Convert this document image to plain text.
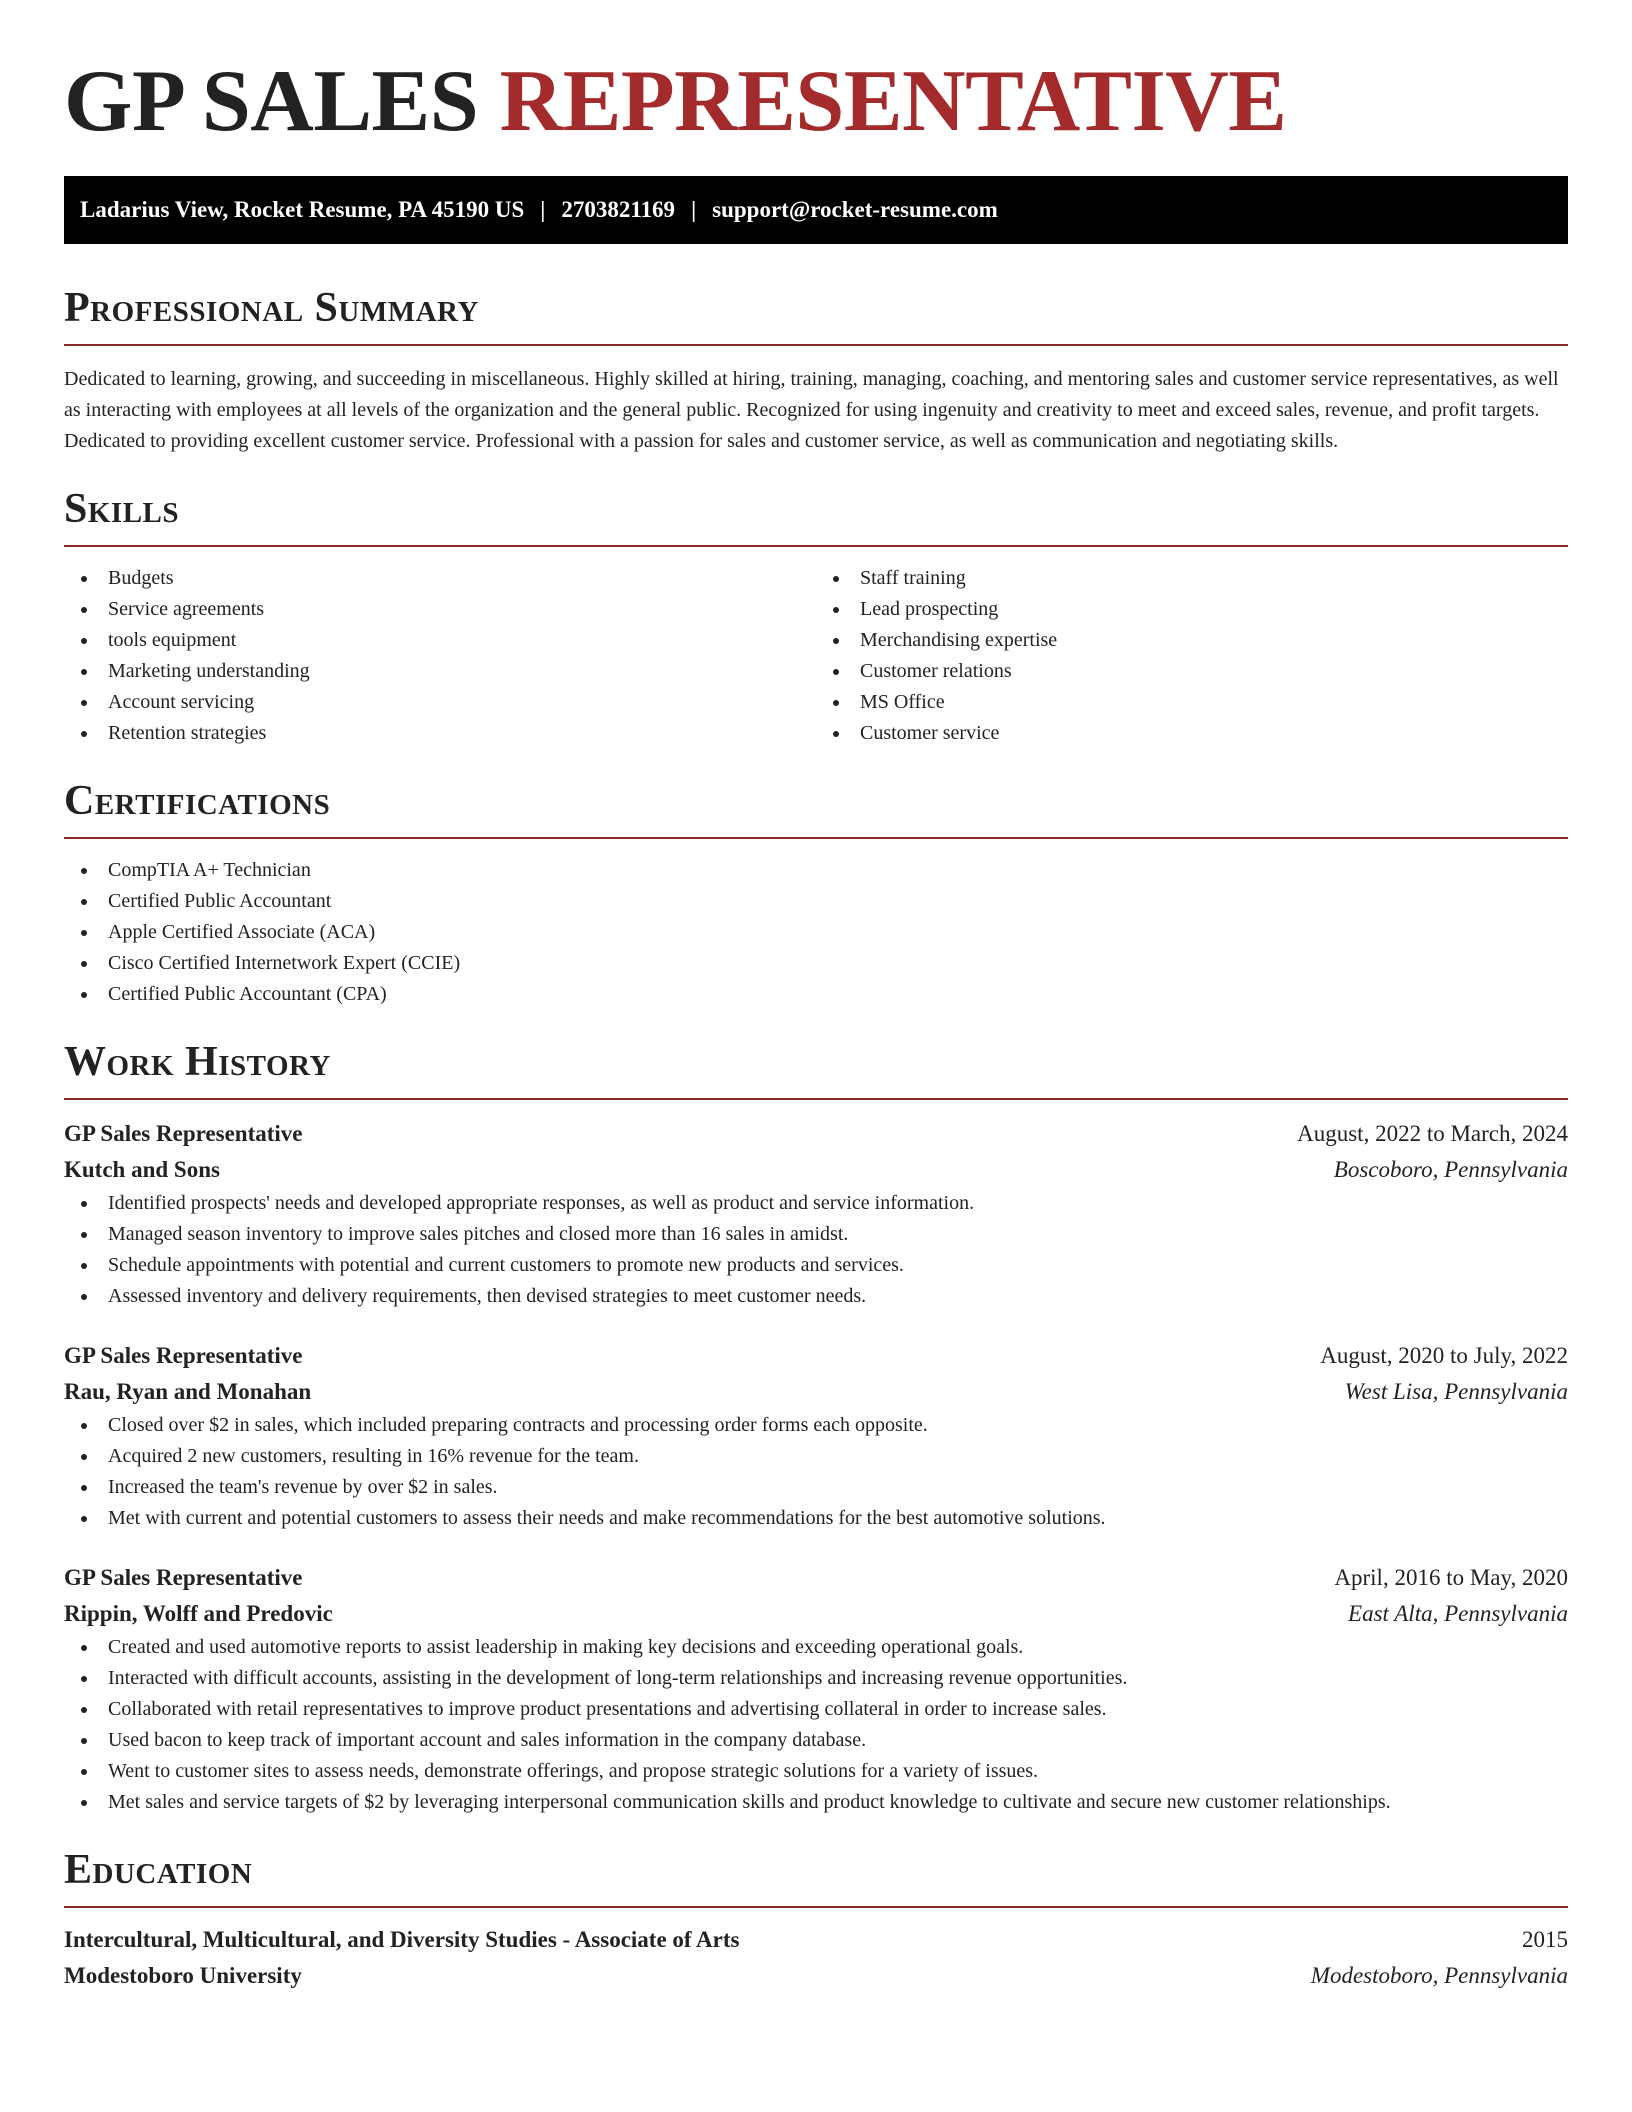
GP SALES REPRESENTATIVE
Ladarius View, Rocket Resume, PA 45190 US | 2703821169 | support@rocket-resume.com
Professional Summary

Dedicated to learning, growing, and succeeding in miscellaneous. Highly skilled at hiring, training, managing, coaching, and mentoring sales and customer service representatives, as well as interacting with employees at all levels of the organization and the general public. Recognized for using ingenuity and creativity to meet and exceed sales, revenue, and profit targets. Dedicated to providing excellent customer service. Professional with a passion for sales and customer service, as well as communication and negotiating skills.

Skills
Budgets
Service agreements
tools equipment
Marketing understanding
Account servicing
Retention strategies
Staff training
Lead prospecting
Merchandising expertise
Customer relations
MS Office
Customer service
Certifications
CompTIA A+ Technician
Certified Public Accountant
Apple Certified Associate (ACA)
Cisco Certified Internetwork Expert (CCIE)
Certified Public Accountant (CPA)
Work History
GP Sales Representative	August, 2022 to March, 2024
Kutch and Sons	Boscoboro, Pennsylvania
Identified prospects' needs and developed appropriate responses, as well as product and service information.
Managed season inventory to improve sales pitches and closed more than 16 sales in amidst.
Schedule appointments with potential and current customers to promote new products and services.
Assessed inventory and delivery requirements, then devised strategies to meet customer needs.
GP Sales Representative	August, 2020 to July, 2022
Rau, Ryan and Monahan	West Lisa, Pennsylvania
Closed over $2 in sales, which included preparing contracts and processing order forms each opposite.
Acquired 2 new customers, resulting in 16% revenue for the team.
Increased the team's revenue by over $2 in sales.
Met with current and potential customers to assess their needs and make recommendations for the best automotive solutions.
GP Sales Representative	April, 2016 to May, 2020
Rippin, Wolff and Predovic	East Alta, Pennsylvania
Created and used automotive reports to assist leadership in making key decisions and exceeding operational goals.
Interacted with difficult accounts, assisting in the development of long-term relationships and increasing revenue opportunities.
Collaborated with retail representatives to improve product presentations and advertising collateral in order to increase sales.
Used bacon to keep track of important account and sales information in the company database.
Went to customer sites to assess needs, demonstrate offerings, and propose strategic solutions for a variety of issues.
Met sales and service targets of $2 by leveraging interpersonal communication skills and product knowledge to cultivate and secure new customer relationships.
Education
Intercultural, Multicultural, and Diversity Studies - Associate of Arts	2015
Modestoboro University	Modestoboro, Pennsylvania
